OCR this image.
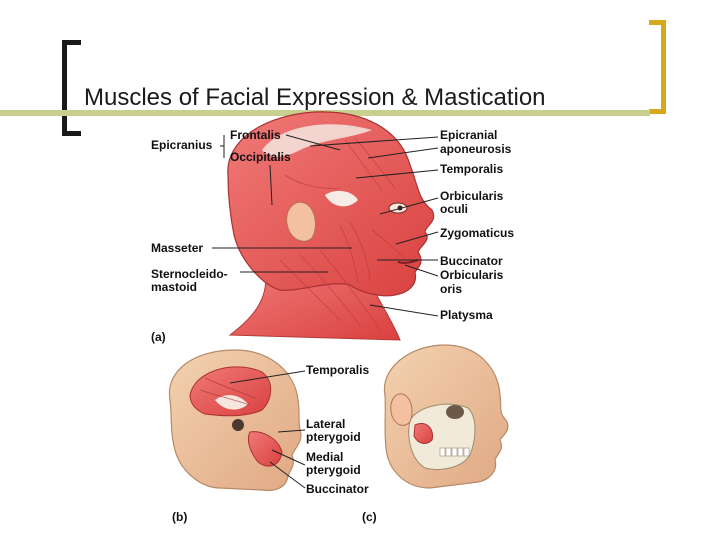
Muscles of Facial Expression & Mastication
Epicranius
Frontalis
Occipitalis
Masseter
Sternocleido-
mastoid
Epicranial
aponeurosis
Temporalis
Orbicularis
oculi
Zygomaticus
Buccinator
Orbicularis
oris
Platysma
(a)
Temporalis
Lateral
pterygoid
Medial
pterygoid
Buccinator
(b)	(c)
